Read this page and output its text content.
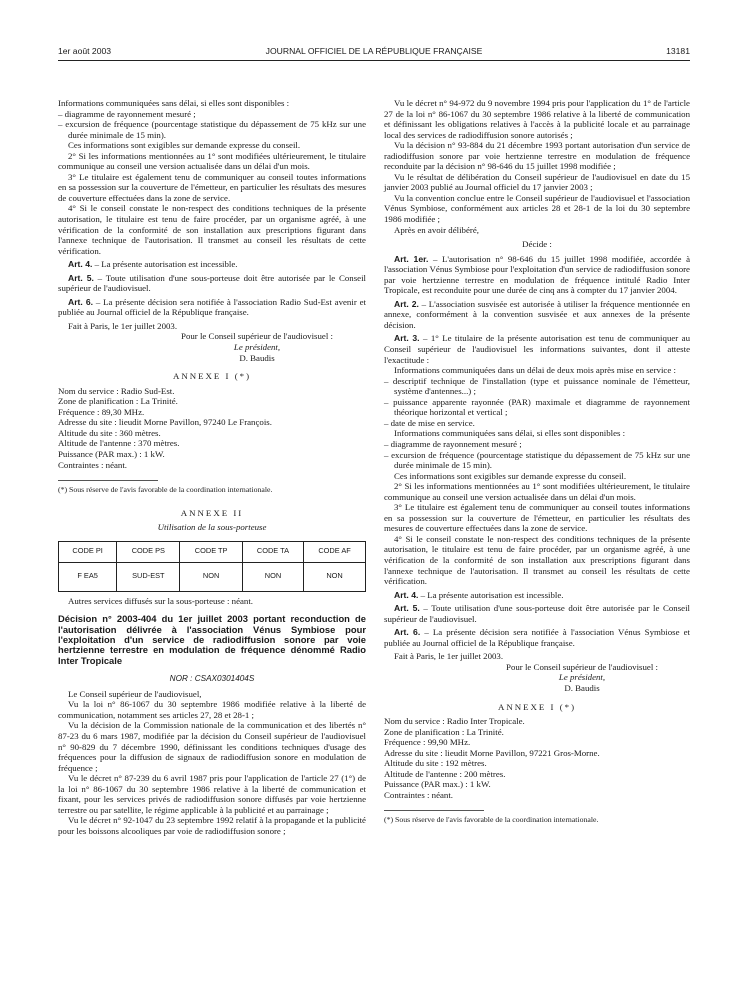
1er août 2003	JOURNAL OFFICIEL DE LA RÉPUBLIQUE FRANÇAISE	13181

Informations communiquées sans délai, si elles sont disponibles :

– diagramme de rayonnement mesuré ;

– excursion de fréquence (pourcentage statistique du dépassement de 75 kHz sur une durée minimale de 15 min).

Ces informations sont exigibles sur demande expresse du conseil.

2° Si les informations mentionnées au 1° sont modifiées ultérieurement, le titulaire communique au conseil une version actualisée dans un délai d'un mois.

3° Le titulaire est également tenu de communiquer au conseil toutes informations en sa possession sur la couverture de l'émetteur, en particulier les résultats des mesures de couverture effectuées dans la zone de service.

4° Si le conseil constate le non-respect des conditions techniques de la présente autorisation, le titulaire est tenu de faire procéder, par un organisme agréé, à une vérification de la conformité de son installation aux prescriptions figurant dans l'annexe technique de l'autorisation. Il transmet au conseil les résultats de cette vérification.

Art. 4. – La présente autorisation est incessible.

Art. 5. – Toute utilisation d'une sous-porteuse doit être autorisée par le Conseil supérieur de l'audiovisuel.

Art. 6. – La présente décision sera notifiée à l'association Radio Sud-Est avenir et publiée au Journal officiel de la République française.

Fait à Paris, le 1er juillet 2003.

Pour le Conseil supérieur de l'audiovisuel :

Le président,

D. Baudis

ANNEXE I (*)

Nom du service : Radio Sud-Est.

Zone de planification : La Trinité.

Fréquence : 89,30 MHz.

Adresse du site : lieudit Morne Pavillon, 97240 Le François.

Altitude du site : 360 mètres.

Altitude de l'antenne : 370 mètres.

Puissance (PAR max.) : 1 kW.

Contraintes : néant.

(*) Sous réserve de l'avis favorable de la coordination internationale.

ANNEXE II

Utilisation de la sous-porteuse

CODE PI	CODE PS	CODE TP	CODE TA	CODE AF
F EA5	SUD-EST	NON	NON	NON

Autres services diffusés sur la sous-porteuse : néant.

Décision n° 2003-404 du 1er juillet 2003 portant reconduction de l'autorisation délivrée à l'association Vénus Symbiose pour l'exploitation d'un service de radiodiffusion sonore par voie hertzienne terrestre en modulation de fréquence dénommé Radio Inter Tropicale

NOR : CSAX0301404S

Le Conseil supérieur de l'audiovisuel,

Vu la loi n° 86-1067 du 30 septembre 1986 modifiée relative à la liberté de communication, notamment ses articles 27, 28 et 28-1 ;

Vu la décision de la Commission nationale de la communication et des libertés n° 87-23 du 6 mars 1987, modifiée par la décision du Conseil supérieur de l'audiovisuel n° 90-829 du 7 décembre 1990, définissant les conditions techniques d'usage des fréquences pour la diffusion de signaux de radiodiffusion sonore en modulation de fréquence ;

Vu le décret n° 87-239 du 6 avril 1987 pris pour l'application de l'article 27 (1°) de la loi n° 86-1067 du 30 septembre 1986 relative à la liberté de communication et fixant, pour les services privés de radiodiffusion sonore diffusés par voie hertzienne terrestre ou par satellite, le régime applicable à la publicité et au parrainage ;

Vu le décret n° 92-1047 du 23 septembre 1992 relatif à la propagande et la publicité pour les boissons alcooliques par voie de radiodiffusion sonore ;

Vu le décret n° 94-972 du 9 novembre 1994 pris pour l'application du 1° de l'article 27 de la loi n° 86-1067 du 30 septembre 1986 relative à la liberté de communication et définissant les obligations relatives à l'accès à la publicité locale et au parrainage local des services de radiodiffusion sonore autorisés ;

Vu la décision n° 93-884 du 21 décembre 1993 portant autorisation d'un service de radiodiffusion sonore par voie hertzienne terrestre en modulation de fréquence reconduite par la décision n° 98-646 du 15 juillet 1998 modifiée ;

Vu le résultat de délibération du Conseil supérieur de l'audiovisuel en date du 15 janvier 2003 publié au Journal officiel du 17 janvier 2003 ;

Vu la convention conclue entre le Conseil supérieur de l'audiovisuel et l'association Vénus Symbiose, conformément aux articles 28 et 28-1 de la loi du 30 septembre 1986 modifiée ;

Après en avoir délibéré,

Décide :

Art. 1er. – L'autorisation n° 98-646 du 15 juillet 1998 modifiée, accordée à l'association Vénus Symbiose pour l'exploitation d'un service de radiodiffusion sonore par voie hertzienne terrestre en modulation de fréquence intitulé Radio Inter Tropicale, est reconduite pour une durée de cinq ans à compter du 17 janvier 2004.

Art. 2. – L'association susvisée est autorisée à utiliser la fréquence mentionnée en annexe, conformément à la convention susvisée et aux annexes de la présente décision.

Art. 3. – 1° Le titulaire de la présente autorisation est tenu de communiquer au Conseil supérieur de l'audiovisuel les informations suivantes, dont il atteste l'exactitude :

Informations communiquées dans un délai de deux mois après mise en service :

– descriptif technique de l'installation (type et puissance nominale de l'émetteur, système d'antennes...) ;

– puissance apparente rayonnée (PAR) maximale et diagramme de rayonnement théorique horizontal et vertical ;

– date de mise en service.

Informations communiquées sans délai, si elles sont disponibles :

– diagramme de rayonnement mesuré ;

– excursion de fréquence (pourcentage statistique du dépassement de 75 kHz sur une durée minimale de 15 min).

Ces informations sont exigibles sur demande expresse du conseil.

2° Si les informations mentionnées au 1° sont modifiées ultérieurement, le titulaire communique au conseil une version actualisée dans un délai d'un mois.

3° Le titulaire est également tenu de communiquer au conseil toutes informations en sa possession sur la couverture de l'émetteur, en particulier les résultats des mesures de couverture effectuées dans la zone de service.

4° Si le conseil constate le non-respect des conditions techniques de la présente autorisation, le titulaire est tenu de faire procéder, par un organisme agréé, à une vérification de la conformité de son installation aux prescriptions figurant dans l'annexe technique de l'autorisation. Il transmet au conseil les résultats de cette vérification.

Art. 4. – La présente autorisation est incessible.

Art. 5. – Toute utilisation d'une sous-porteuse doit être autorisée par le Conseil supérieur de l'audiovisuel.

Art. 6. – La présente décision sera notifiée à l'association Vénus Symbiose et publiée au Journal officiel de la République française.

Fait à Paris, le 1er juillet 2003.

Pour le Conseil supérieur de l'audiovisuel :

Le président,

D. Baudis

ANNEXE I (*)

Nom du service : Radio Inter Tropicale.

Zone de planification : La Trinité.

Fréquence : 99,90 MHz.

Adresse du site : lieudit Morne Pavillon, 97221 Gros-Morne.

Altitude du site : 192 mètres.

Altitude de l'antenne : 200 mètres.

Puissance (PAR max.) : 1 kW.

Contraintes : néant.

(*) Sous réserve de l'avis favorable de la coordination internationale.
